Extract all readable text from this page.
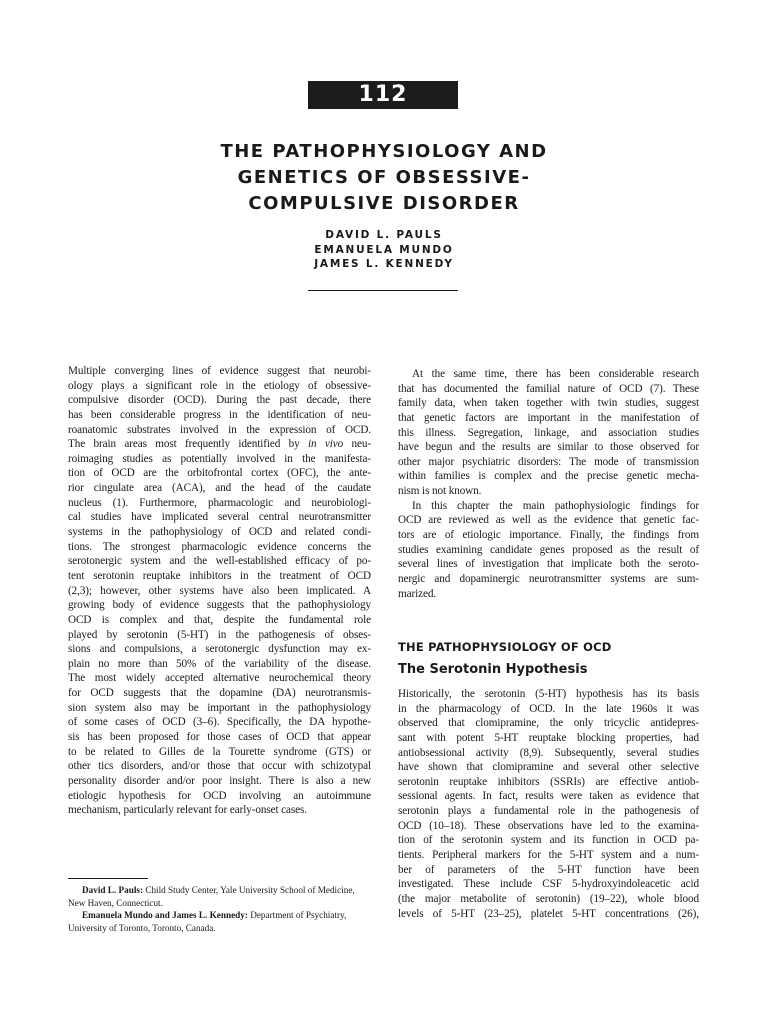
112
THE PATHOPHYSIOLOGY AND
GENETICS OF OBSESSIVE-
COMPULSIVE DISORDER
DAVID L. PAULS
EMANUELA MUNDO
JAMES L. KENNEDY
Multiple converging lines of evidence suggest that neurobi-
ology plays a significant role in the etiology of obsessive-
compulsive disorder (OCD). During the past decade, there
has been considerable progress in the identification of neu-
roanatomic substrates involved in the expression of OCD.
The brain areas most frequently identified by in vivo neu-
roimaging studies as potentially involved in the manifesta-
tion of OCD are the orbitofrontal cortex (OFC), the ante-
rior cingulate area (ACA), and the head of the caudate
nucleus (1). Furthermore, pharmacologic and neurobiologi-
cal studies have implicated several central neurotransmitter
systems in the pathophysiology of OCD and related condi-
tions. The strongest pharmacologic evidence concerns the
serotonergic system and the well-established efficacy of po-
tent serotonin reuptake inhibitors in the treatment of OCD
(2,3); however, other systems have also been implicated. A
growing body of evidence suggests that the pathophysiology
OCD is complex and that, despite the fundamental role
played by serotonin (5-HT) in the pathogenesis of obses-
sions and compulsions, a serotonergic dysfunction may ex-
plain no more than 50% of the variability of the disease.
The most widely accepted alternative neurochemical theory
for OCD suggests that the dopamine (DA) neurotransmis-
sion system also may be important in the pathophysiology
of some cases of OCD (3–6). Specifically, the DA hypothe-
sis has been proposed for those cases of OCD that appear
to be related to Gilles de la Tourette syndrome (GTS) or
other tics disorders, and/or those that occur with schizotypal
personality disorder and/or poor insight. There is also a new
etiologic hypothesis for OCD involving an autoimmune
mechanism, particularly relevant for early-onset cases.
At the same time, there has been considerable research
that has documented the familial nature of OCD (7). These
family data, when taken together with twin studies, suggest
that genetic factors are important in the manifestation of
this illness. Segregation, linkage, and association studies
have begun and the results are similar to those observed for
other major psychiatric disorders: The mode of transmission
within families is complex and the precise genetic mecha-
nism is not known.
In this chapter the main pathophysiologic findings for
OCD are reviewed as well as the evidence that genetic fac-
tors are of etiologic importance. Finally, the findings from
studies examining candidate genes proposed as the result of
several lines of investigation that implicate both the seroto-
nergic and dopaminergic neurotransmitter systems are sum-
marized.
THE PATHOPHYSIOLOGY OF OCD
The Serotonin Hypothesis
Historically, the serotonin (5-HT) hypothesis has its basis
in the pharmacology of OCD. In the late 1960s it was
observed that clomipramine, the only tricyclic antidepres-
sant with potent 5-HT reuptake blocking properties, had
antiobsessional activity (8,9). Subsequently, several studies
have shown that clomipramine and several other selective
serotonin reuptake inhibitors (SSRIs) are effective antiob-
sessional agents. In fact, results were taken as evidence that
serotonin plays a fundamental role in the pathogenesis of
OCD (10–18). These observations have led to the examina-
tion of the serotonin system and its function in OCD pa-
tients. Peripheral markers for the 5-HT system and a num-
ber of parameters of the 5-HT function have been
investigated. These include CSF 5-hydroxyindoleacetic acid
(the major metabolite of serotonin) (19–22), whole blood
levels of 5-HT (23–25), platelet 5-HT concentrations (26),
David L. Pauls: Child Study Center, Yale University School of Medicine,
New Haven, Connecticut.
Emanuela Mundo and James L. Kennedy: Department of Psychiatry,
University of Toronto, Toronto, Canada.
